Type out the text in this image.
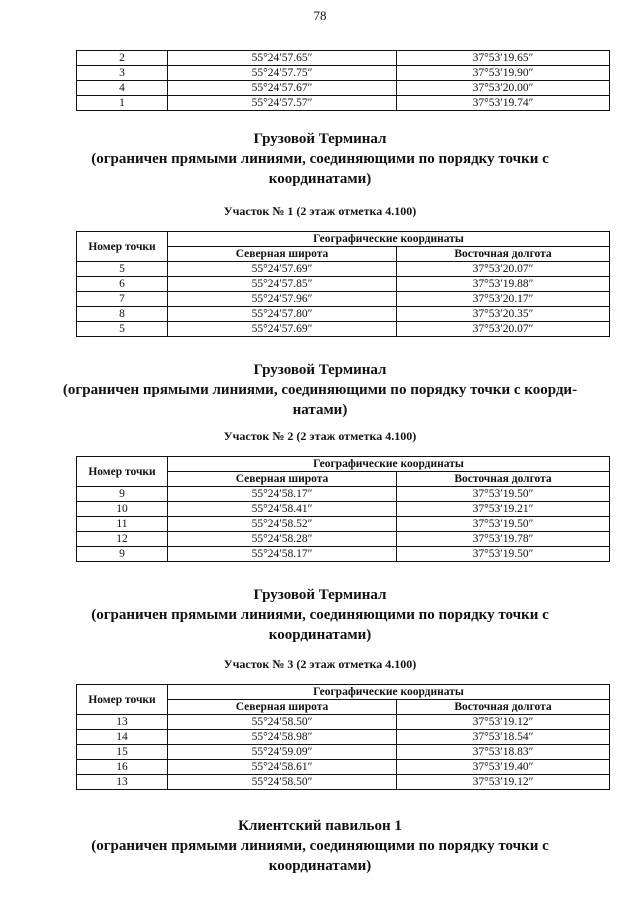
78
2	55°24′57.65″	37°53′19.65″
3	55°24′57.75″	37°53′19.90″
4	55°24′57.67″	37°53′20.00″
1	55°24′57.57″	37°53′19.74″
Грузовой Терминал
(ограничен прямыми линиями, соединяющими по порядку точки с
координатами)
Участок № 1 (2 этаж отметка 4.100)
Номер точки	Географические координаты	
	Северная широта	Восточная долгота
5	55°24′57.69″	37°53′20.07″
6	55°24′57.85″	37°53′19.88″
7	55°24′57.96″	37°53′20.17″
8	55°24′57.80″	37°53′20.35″
5	55°24′57.69″	37°53′20.07″
Грузовой Терминал
(ограничен прямыми линиями, соединяющими по порядку точки с коорди-
натами)
Участок № 2 (2 этаж отметка 4.100)
Номер точки	Географические координаты	
	Северная широта	Восточная долгота
9	55°24′58.17″	37°53′19.50″
10	55°24′58.41″	37°53′19.21″
11	55°24′58.52″	37°53′19.50″
12	55°24′58.28″	37°53′19.78″
9	55°24′58.17″	37°53′19.50″
Грузовой Терминал
(ограничен прямыми линиями, соединяющими по порядку точки с
координатами)
Участок № 3 (2 этаж отметка 4.100)
Номер точки	Географические координаты	
	Северная широта	Восточная долгота
13	55°24′58.50″	37°53′19.12″
14	55°24′58.98″	37°53′18.54″
15	55°24′59.09″	37°53′18.83″
16	55°24′58.61″	37°53′19.40″
13	55°24′58.50″	37°53′19.12″
Клиентский павильон 1
(ограничен прямыми линиями, соединяющими по порядку точки с
координатами)
